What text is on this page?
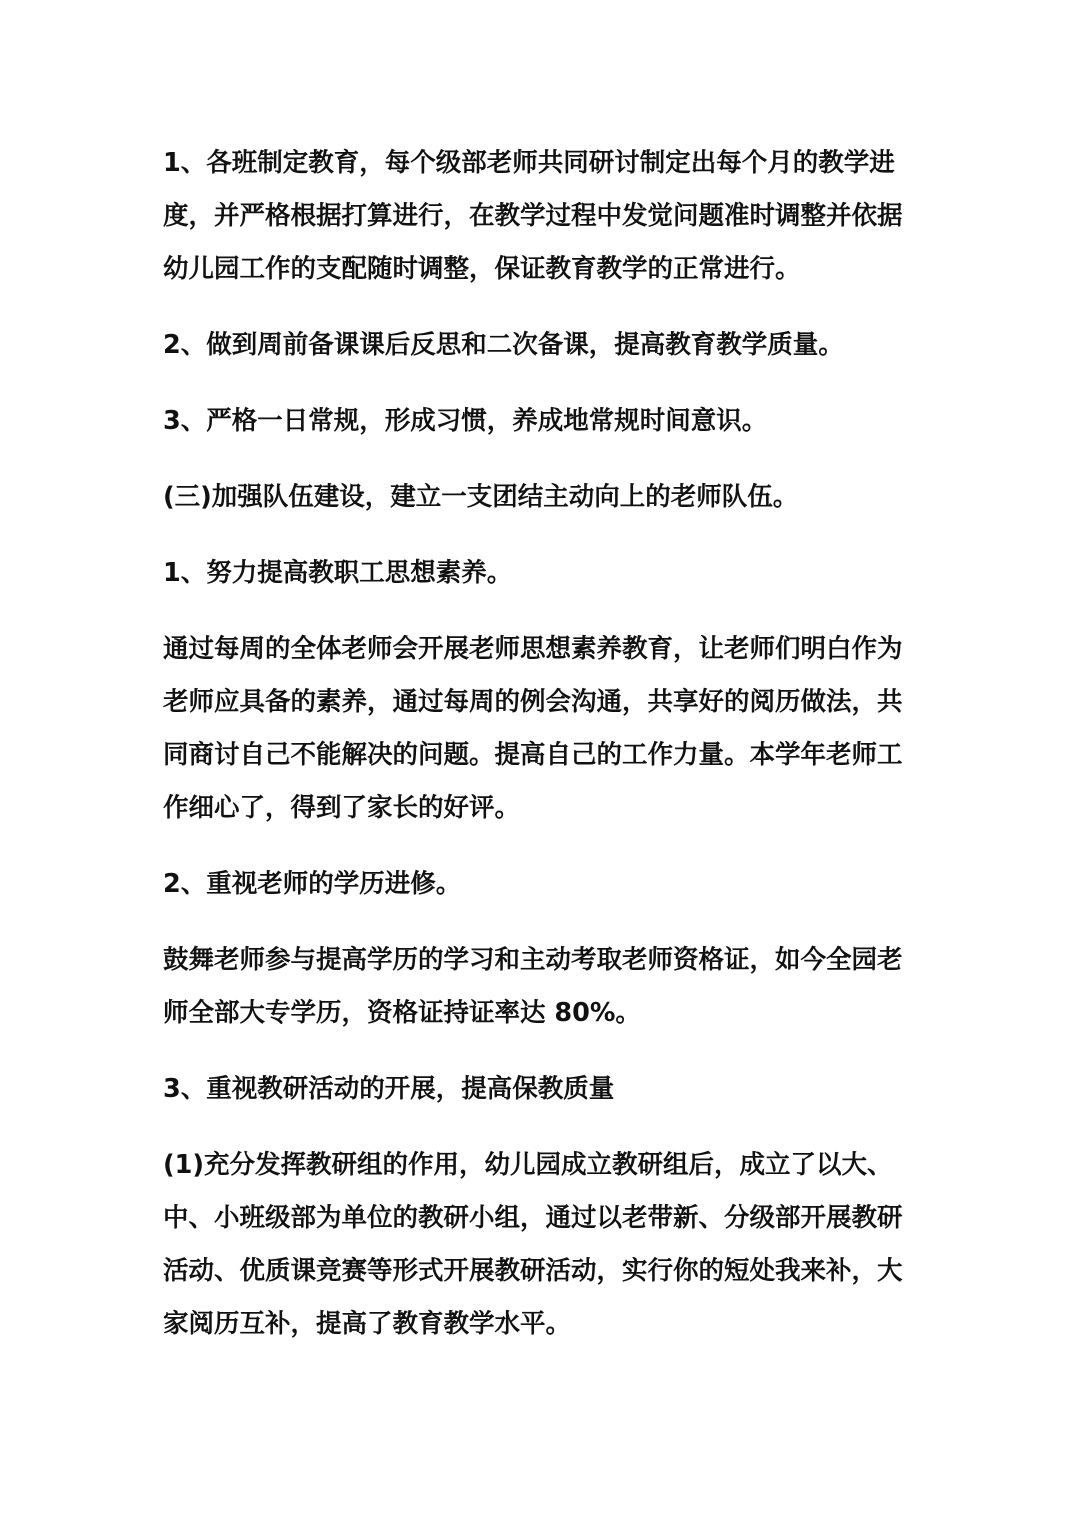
1、各班制定教育，每个级部老师共同研讨制定出每个月的教学进度，并严格根据打算进行，在教学过程中发觉问题准时调整并依据幼儿园工作的支配随时调整，保证教育教学的正常进行。

2、做到周前备课课后反思和二次备课，提高教育教学质量。

3、严格一日常规，形成习惯，养成地常规时间意识。

(三)加强队伍建设，建立一支团结主动向上的老师队伍。

1、努力提高教职工思想素养。

通过每周的全体老师会开展老师思想素养教育，让老师们明白作为老师应具备的素养，通过每周的例会沟通，共享好的阅历做法，共同商讨自己不能解决的问题。提高自己的工作力量。本学年老师工作细心了，得到了家长的好评。

2、重视老师的学历进修。

鼓舞老师参与提高学历的学习和主动考取老师资格证，如今全园老师全部大专学历，资格证持证率达 80%。

3、重视教研活动的开展，提高保教质量

(1)充分发挥教研组的作用，幼儿园成立教研组后，成立了以大、中、小班级部为单位的教研小组，通过以老带新、分级部开展教研活动、优质课竞赛等形式开展教研活动，实行你的短处我来补，大家阅历互补，提高了教育教学水平。
